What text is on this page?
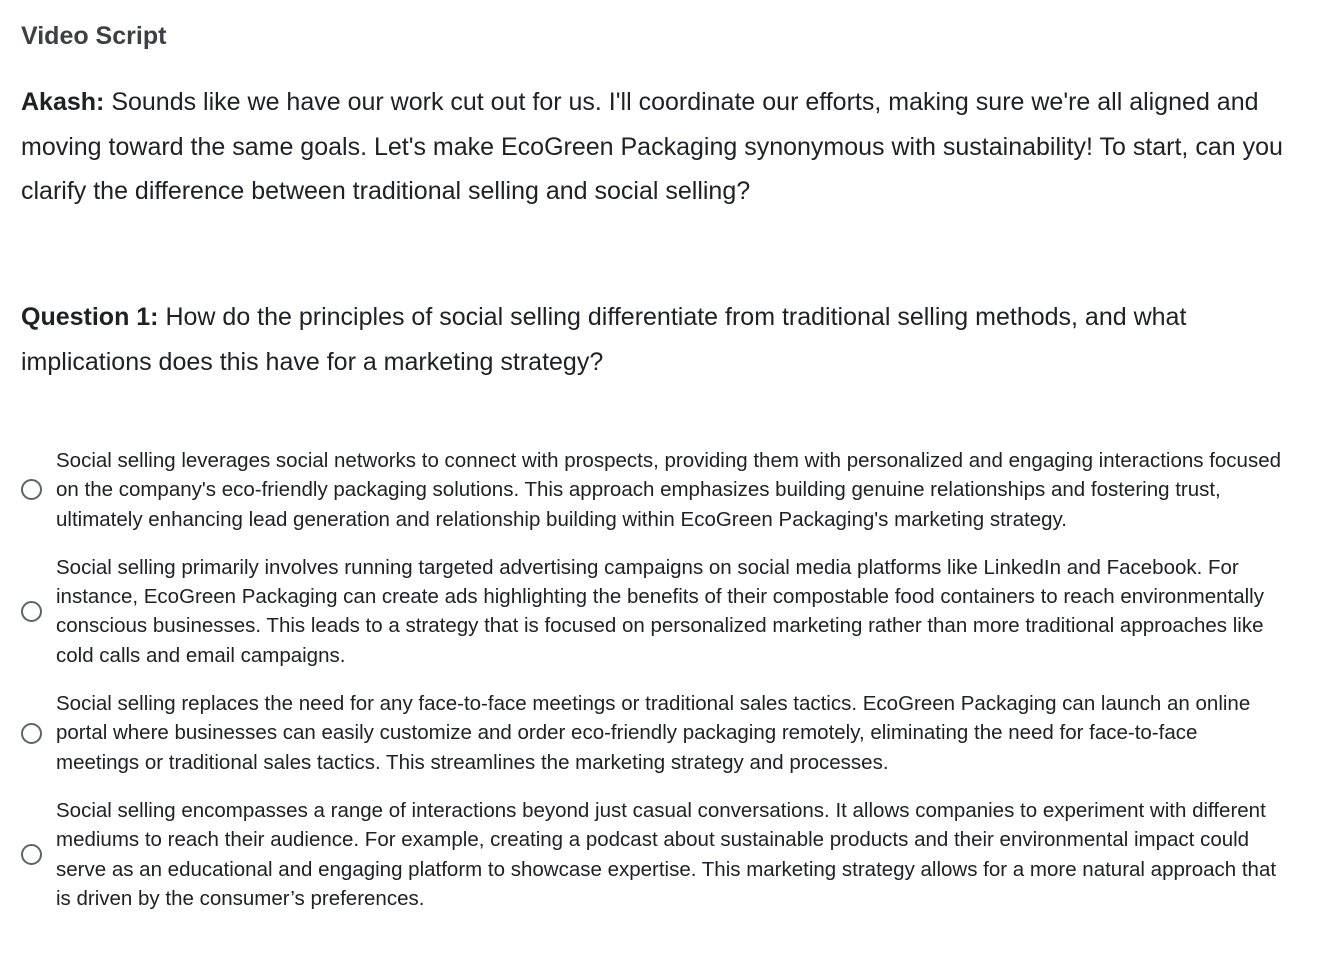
Video Script

Akash: Sounds like we have our work cut out for us. I'll coordinate our efforts, making sure we're all aligned and moving toward the same goals. Let's make EcoGreen Packaging synonymous with sustainability! To start, can you clarify the difference between traditional selling and social selling?

Question 1: How do the principles of social selling differentiate from traditional selling methods, and what implications does this have for a marketing strategy?

Social selling leverages social networks to connect with prospects, providing them with personalized and engaging interactions focused on the company's eco-friendly packaging solutions. This approach emphasizes building genuine relationships and fostering trust, ultimately enhancing lead generation and relationship building within EcoGreen Packaging's marketing strategy.
Social selling primarily involves running targeted advertising campaigns on social media platforms like LinkedIn and Facebook. For instance, EcoGreen Packaging can create ads highlighting the benefits of their compostable food containers to reach environmentally conscious businesses. This leads to a strategy that is focused on personalized marketing rather than more traditional approaches like cold calls and email campaigns.
Social selling replaces the need for any face-to-face meetings or traditional sales tactics. EcoGreen Packaging can launch an online portal where businesses can easily customize and order eco-friendly packaging remotely, eliminating the need for face-to-face meetings or traditional sales tactics. This streamlines the marketing strategy and processes.
Social selling encompasses a range of interactions beyond just casual conversations. It allows companies to experiment with different mediums to reach their audience. For example, creating a podcast about sustainable products and their environmental impact could serve as an educational and engaging platform to showcase expertise. This marketing strategy allows for a more natural approach that is driven by the consumer’s preferences.
